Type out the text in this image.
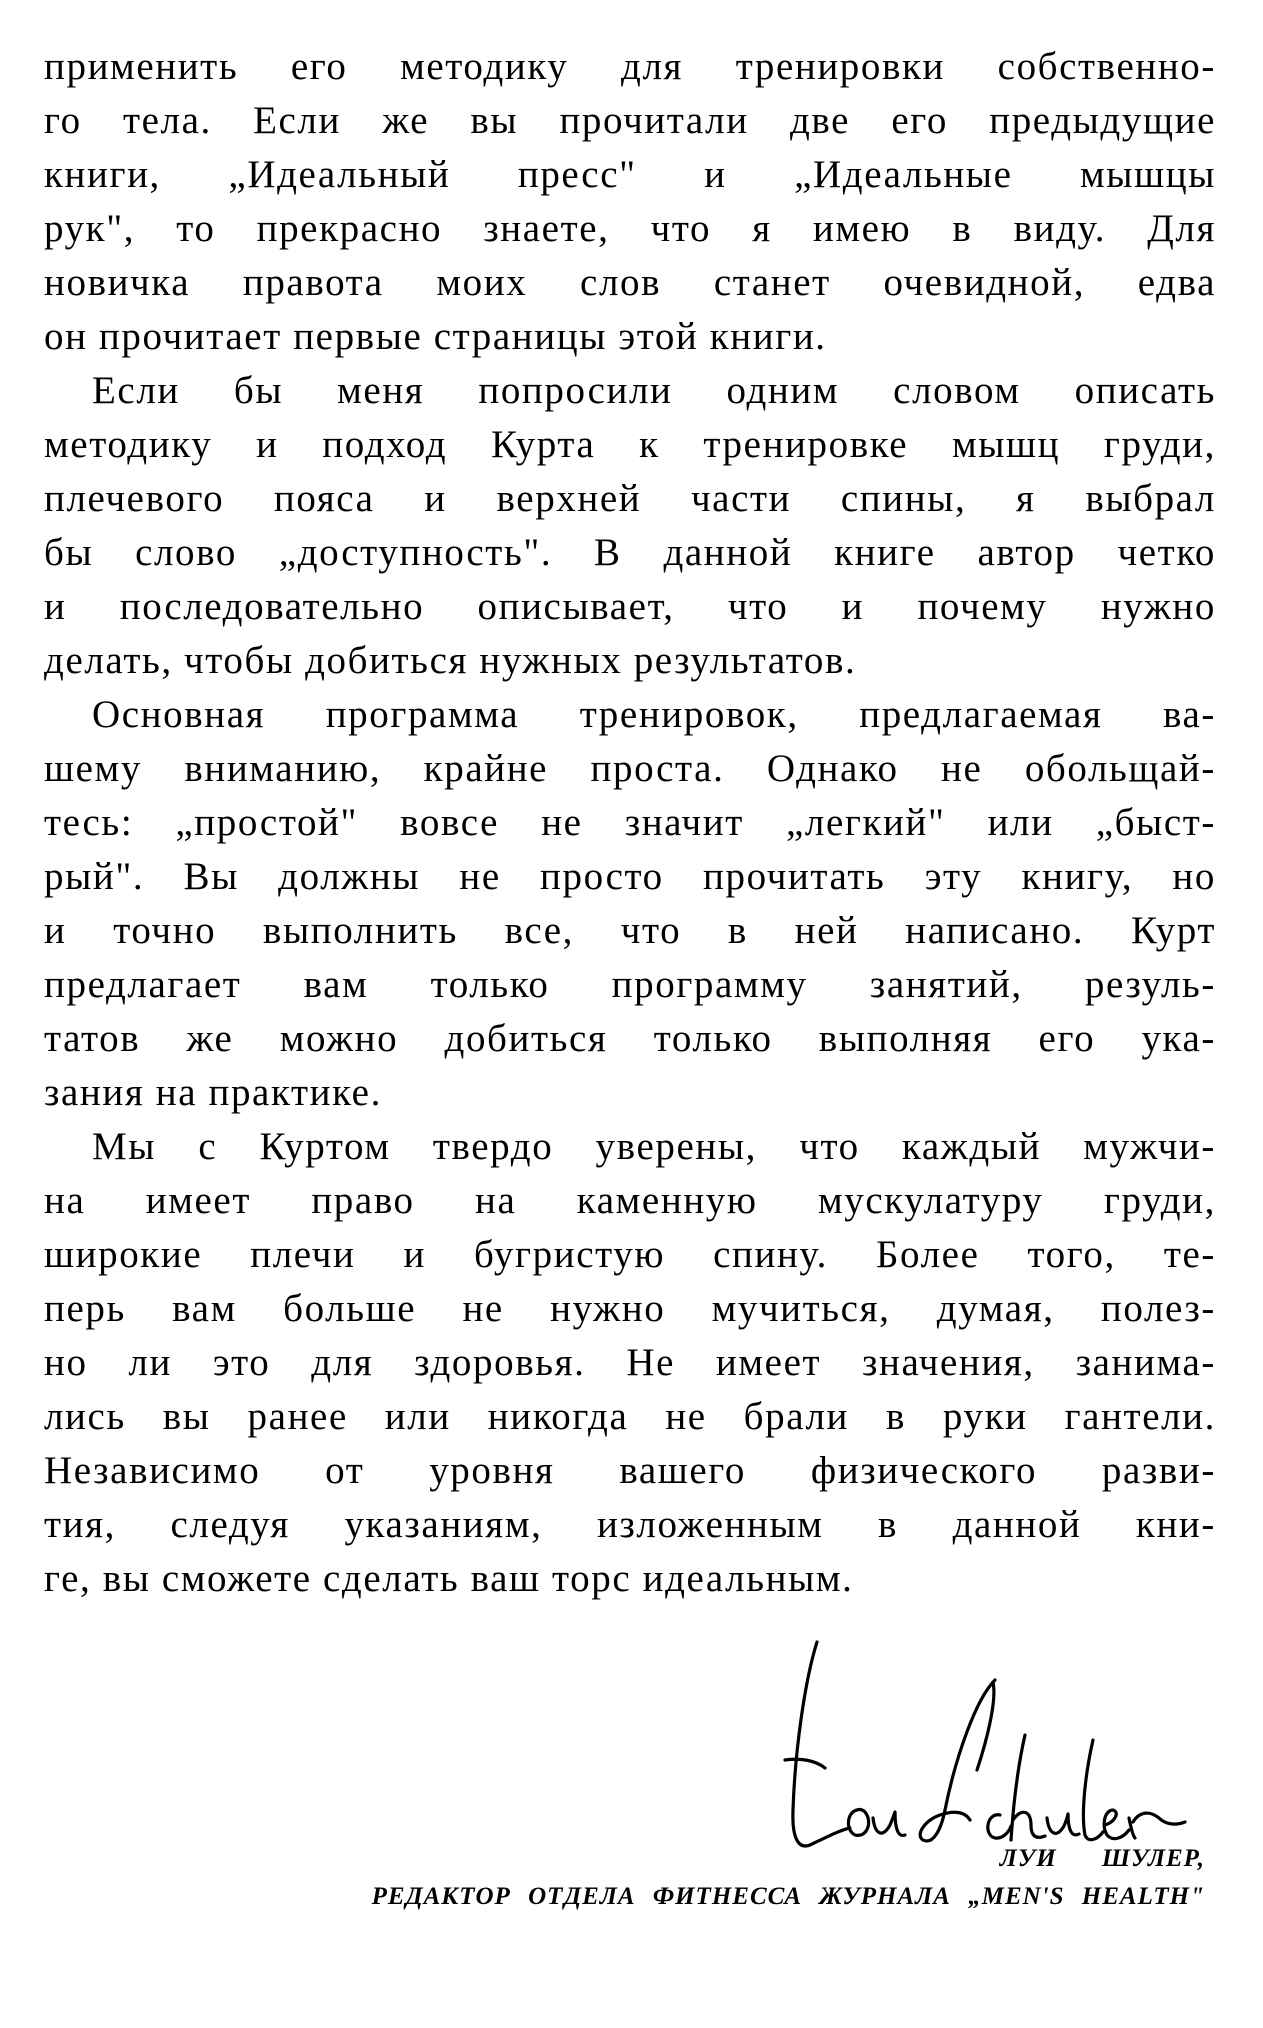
применить его методику для тренировки собственно-
го тела. Если же вы прочитали две его предыдущие
книги, „Идеальный пресс" и „Идеальные мышцы
рук", то прекрасно знаете, что я имею в виду. Для
новичка правота моих слов станет очевидной, едва
он прочитает первые страницы этой книги.
Если бы меня попросили одним словом описать
методику и подход Курта к тренировке мышц груди,
плечевого пояса и верхней части спины, я выбрал
бы слово „доступность". В данной книге автор четко
и последовательно описывает, что и почему нужно
делать, чтобы добиться нужных результатов.
Основная программа тренировок, предлагаемая ва-
шему вниманию, крайне проста. Однако не обольщай-
тесь: „простой" вовсе не значит „легкий" или „быст-
рый". Вы должны не просто прочитать эту книгу, но
и точно выполнить все, что в ней написано. Курт
предлагает вам только программу занятий, резуль-
татов же можно добиться только выполняя его ука-
зания на практике.
Мы с Куртом твердо уверены, что каждый мужчи-
на имеет право на каменную мускулатуру груди,
широкие плечи и бугристую спину. Более того, те-
перь вам больше не нужно мучиться, думая, полез-
но ли это для здоровья. Не имеет значения, занима-
лись вы ранее или никогда не брали в руки гантели.
Независимо от уровня вашего физического разви-
тия, следуя указаниям, изложенным в данной кни-
ге, вы сможете сделать ваш торс идеальным.
ЛУИ ШУЛЕР,
РЕДАКТОР ОТДЕЛА ФИТНЕССА ЖУРНАЛА „MEN'S HEALTH"
